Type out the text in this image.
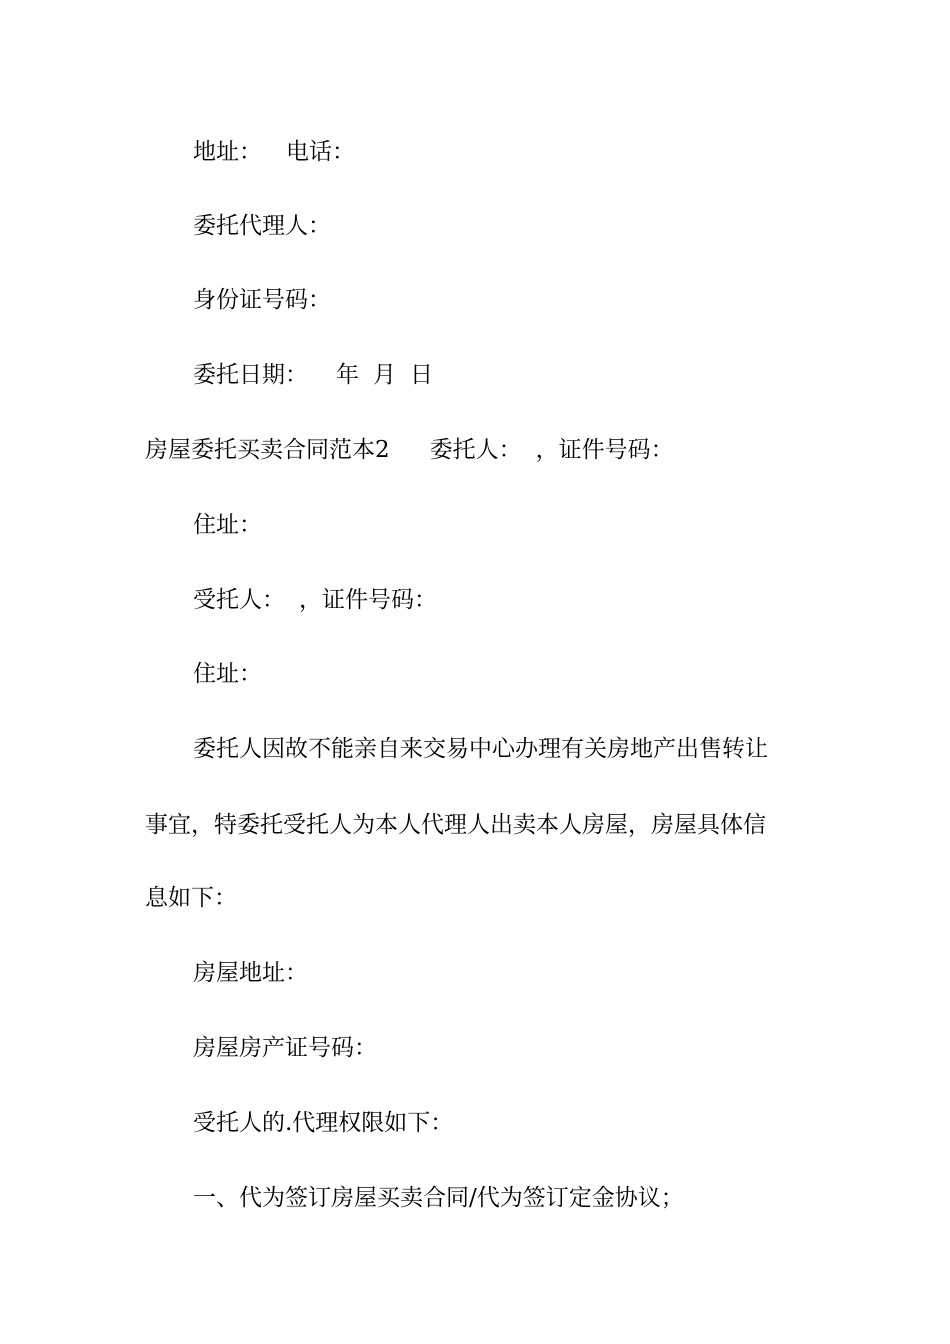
地址： 电话：
委托代理人：
身份证号码：
委托日期： 年 月 日
房屋委托买卖合同范本2 委托人： ，证件号码：
住址：
受托人： ，证件号码：
住址：
委托人因故不能亲自来交易中心办理有关房地产出售转让
事宜，特委托受托人为本人代理人出卖本人房屋，房屋具体信
息如下：
房屋地址：
房屋房产证号码：
受托人的.代理权限如下：
一、代为签订房屋买卖合同/代为签订定金协议；
